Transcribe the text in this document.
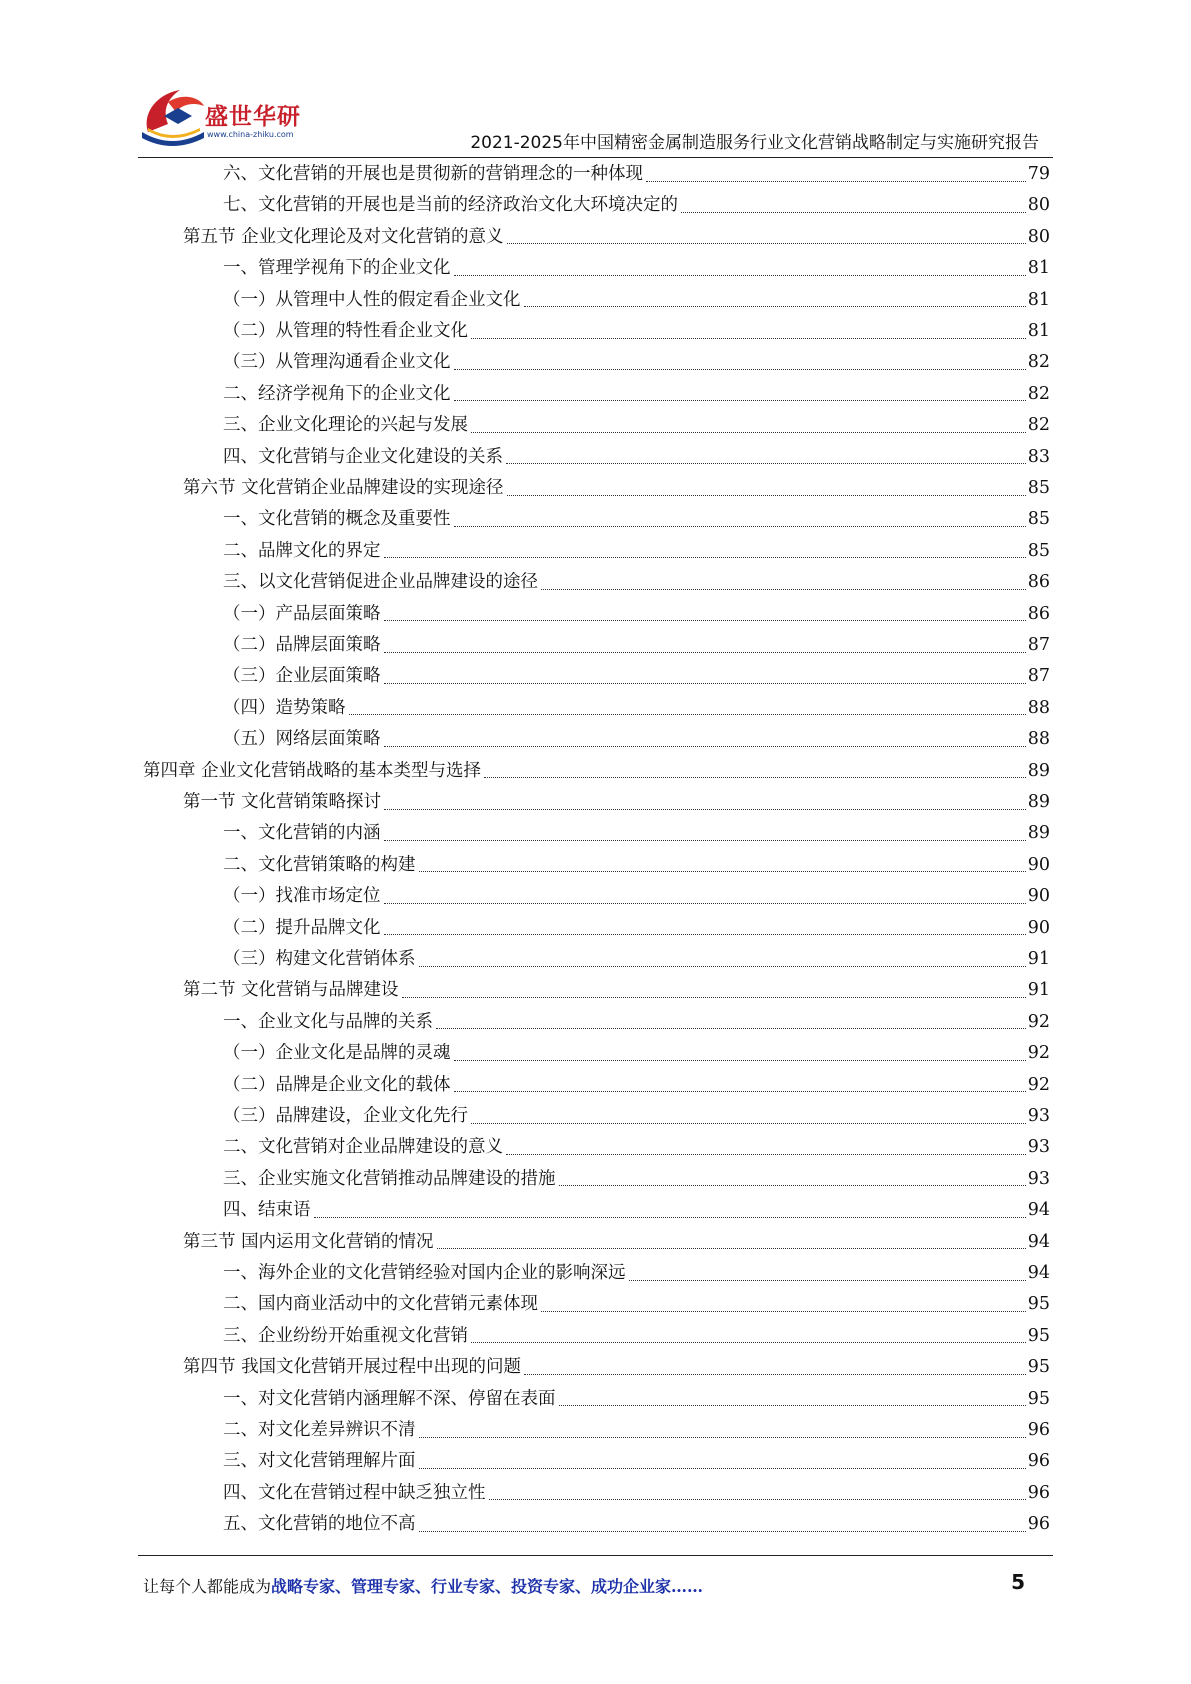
盛世华研
www.china-zhiku.com	2021-2025年中国精密金属制造服务行业文化营销战略制定与实施研究报告
六、文化营销的开展也是贯彻新的营销理念的一种体现	79
七、文化营销的开展也是当前的经济政治文化大环境决定的	80
第五节 企业文化理论及对文化营销的意义	80
一、管理学视角下的企业文化	81
（一）从管理中人性的假定看企业文化	81
（二）从管理的特性看企业文化	81
（三）从管理沟通看企业文化	82
二、经济学视角下的企业文化	82
三、企业文化理论的兴起与发展	82
四、文化营销与企业文化建设的关系	83
第六节 文化营销企业品牌建设的实现途径	85
一、文化营销的概念及重要性	85
二、品牌文化的界定	85
三、以文化营销促进企业品牌建设的途径	86
（一）产品层面策略	86
（二）品牌层面策略	87
（三）企业层面策略	87
（四）造势策略	88
（五）网络层面策略	88
第四章 企业文化营销战略的基本类型与选择	89
第一节 文化营销策略探讨	89
一、文化营销的内涵	89
二、文化营销策略的构建	90
（一）找准市场定位	90
（二）提升品牌文化	90
（三）构建文化营销体系	91
第二节 文化营销与品牌建设	91
一、企业文化与品牌的关系	92
（一）企业文化是品牌的灵魂	92
（二）品牌是企业文化的载体	92
（三）品牌建设，企业文化先行	93
二、文化营销对企业品牌建设的意义	93
三、企业实施文化营销推动品牌建设的措施	93
四、结束语	94
第三节 国内运用文化营销的情况	94
一、海外企业的文化营销经验对国内企业的影响深远	94
二、国内商业活动中的文化营销元素体现	95
三、企业纷纷开始重视文化营销	95
第四节 我国文化营销开展过程中出现的问题	95
一、对文化营销内涵理解不深、停留在表面	95
二、对文化差异辨识不清	96
三、对文化营销理解片面	96
四、文化在营销过程中缺乏独立性	96
五、文化营销的地位不高	96
让每个人都能成为战略专家、管理专家、行业专家、投资专家、成功企业家……	5
